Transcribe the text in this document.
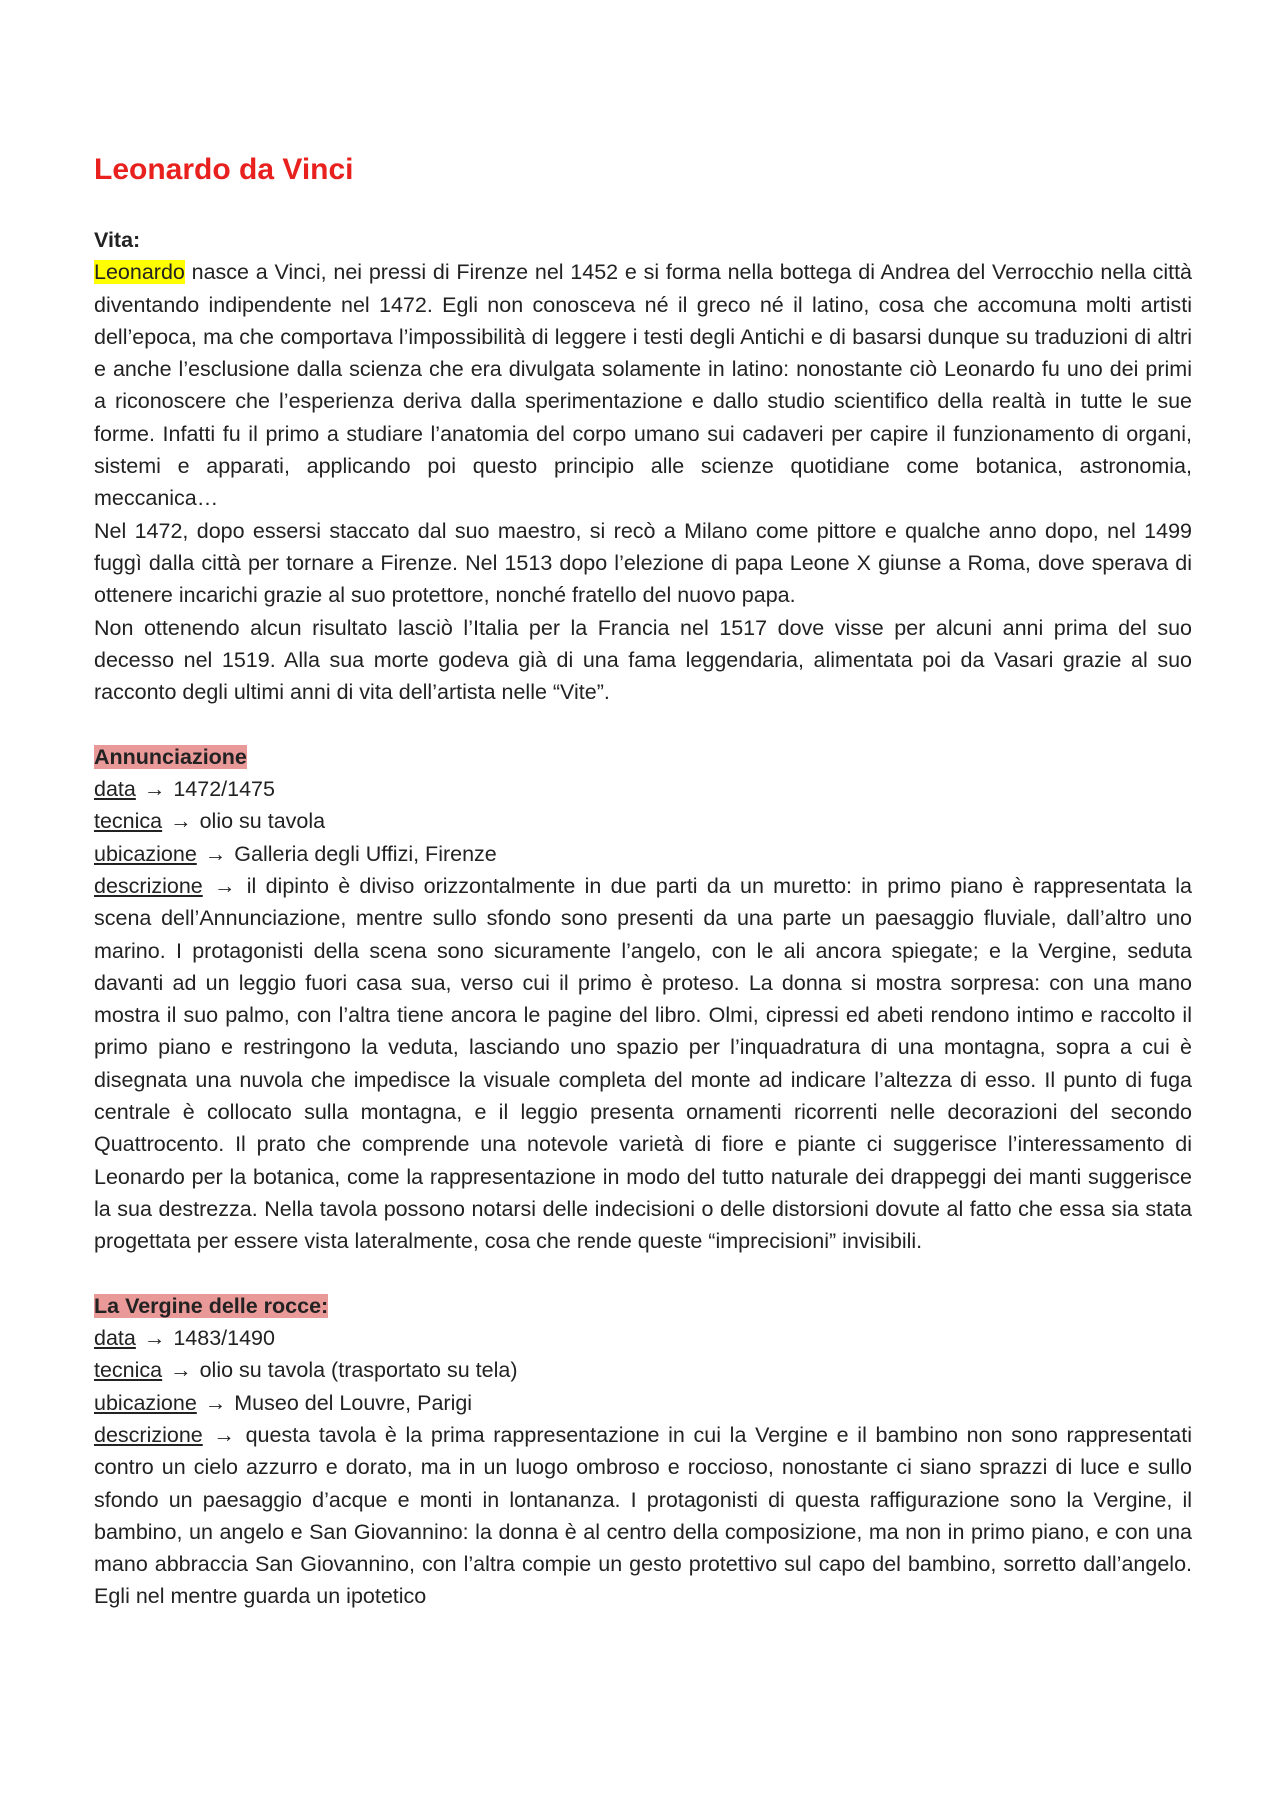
Leonardo da Vinci

Vita:

Leonardo nasce a Vinci, nei pressi di Firenze nel 1452 e si forma nella bottega di Andrea del Verrocchio nella città diventando indipendente nel 1472. Egli non conosceva né il greco né il latino, cosa che accomuna molti artisti dell’epoca, ma che comportava l’impossibilità di leggere i testi degli Antichi e di basarsi dunque su traduzioni di altri e anche l’esclusione dalla scienza che era divulgata solamente in latino: nonostante ciò Leonardo fu uno dei primi a riconoscere che l’esperienza deriva dalla sperimentazione e dallo studio scientifico della realtà in tutte le sue forme. Infatti fu il primo a studiare l’anatomia del corpo umano sui cadaveri per capire il funzionamento di organi, sistemi e apparati, applicando poi questo principio alle scienze quotidiane come botanica, astronomia, meccanica…

Nel 1472, dopo essersi staccato dal suo maestro, si recò a Milano come pittore e qualche anno dopo, nel 1499 fuggì dalla città per tornare a Firenze. Nel 1513 dopo l’elezione di papa Leone X giunse a Roma, dove sperava di ottenere incarichi grazie al suo protettore, nonché fratello del nuovo papa.

Non ottenendo alcun risultato lasciò l’Italia per la Francia nel 1517 dove visse per alcuni anni prima del suo decesso nel 1519. Alla sua morte godeva già di una fama leggendaria, alimentata poi da Vasari grazie al suo racconto degli ultimi anni di vita dell’artista nelle “Vite”.

Annunciazione

data → 1472/1475

tecnica → olio su tavola

ubicazione → Galleria degli Uffizi, Firenze

descrizione → il dipinto è diviso orizzontalmente in due parti da un muretto: in primo piano è rappresentata la scena dell’Annunciazione, mentre sullo sfondo sono presenti da una parte un paesaggio fluviale, dall’altro uno marino. I protagonisti della scena sono sicuramente l’angelo, con le ali ancora spiegate; e la Vergine, seduta davanti ad un leggio fuori casa sua, verso cui il primo è proteso. La donna si mostra sorpresa: con una mano mostra il suo palmo, con l’altra tiene ancora le pagine del libro. Olmi, cipressi ed abeti rendono intimo e raccolto il primo piano e restringono la veduta, lasciando uno spazio per l’inquadratura di una montagna, sopra a cui è disegnata una nuvola che impedisce la visuale completa del monte ad indicare l’altezza di esso. Il punto di fuga centrale è collocato sulla montagna, e il leggio presenta ornamenti ricorrenti nelle decorazioni del secondo Quattrocento. Il prato che comprende una notevole varietà di fiore e piante ci suggerisce l’interessamento di Leonardo per la botanica, come la rappresentazione in modo del tutto naturale dei drappeggi dei manti suggerisce la sua destrezza. Nella tavola possono notarsi delle indecisioni o delle distorsioni dovute al fatto che essa sia stata progettata per essere vista lateralmente, cosa che rende queste “imprecisioni” invisibili.

La Vergine delle rocce:

data → 1483/1490

tecnica → olio su tavola (trasportato su tela)

ubicazione → Museo del Louvre, Parigi

descrizione → questa tavola è la prima rappresentazione in cui la Vergine e il bambino non sono rappresentati contro un cielo azzurro e dorato, ma in un luogo ombroso e roccioso, nonostante ci siano sprazzi di luce e sullo sfondo un paesaggio d’acque e monti in lontananza. I protagonisti di questa raffigurazione sono la Vergine, il bambino, un angelo e San Giovannino: la donna è al centro della composizione, ma non in primo piano, e con una mano abbraccia San Giovannino, con l’altra compie un gesto protettivo sul capo del bambino, sorretto dall’angelo. Egli nel mentre guarda un ipotetico
